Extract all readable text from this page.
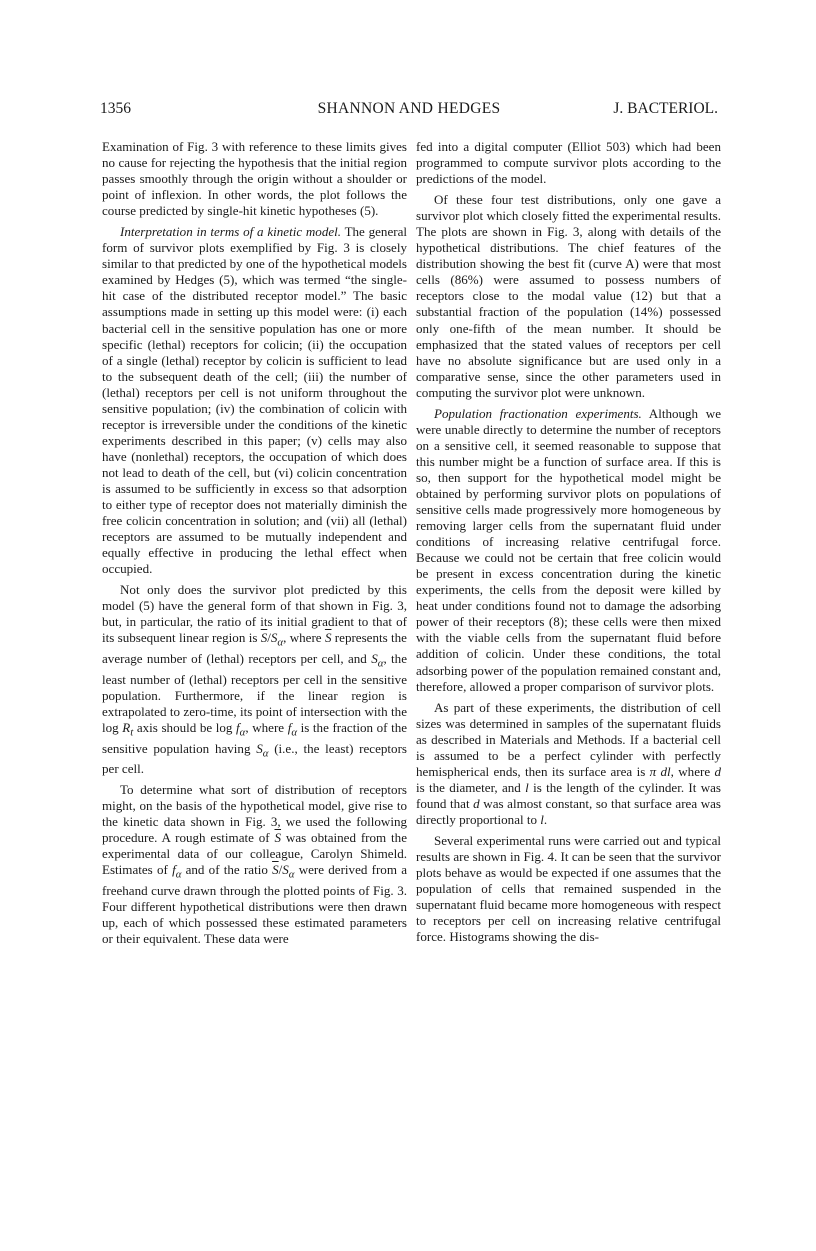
1356	SHANNON AND HEDGES	J. BACTERIOL.

Examination of Fig. 3 with reference to these limits gives no cause for rejecting the hypothesis that the initial region passes smoothly through the origin without a shoulder or point of inflexion. In other words, the plot follows the course predicted by single-hit kinetic hypotheses (5).

Interpretation in terms of a kinetic model. The general form of survivor plots exemplified by Fig. 3 is closely similar to that predicted by one of the hypothetical models examined by Hedges (5), which was termed “the single-hit case of the distributed receptor model.” The basic assumptions made in setting up this model were: (i) each bacterial cell in the sensitive population has one or more specific (lethal) receptors for colicin; (ii) the occupation of a single (lethal) receptor by colicin is sufficient to lead to the subsequent death of the cell; (iii) the number of (lethal) receptors per cell is not uniform throughout the sensitive population; (iv) the combination of colicin with receptor is irreversible under the conditions of the kinetic experiments described in this paper; (v) cells may also have (nonlethal) receptors, the occupation of which does not lead to death of the cell, but (vi) colicin concentration is assumed to be sufficiently in excess so that adsorption to either type of receptor does not materially diminish the free colicin concentration in solution; and (vii) all (lethal) receptors are assumed to be mutually independent and equally effective in producing the lethal effect when occupied.

Not only does the survivor plot predicted by this model (5) have the general form of that shown in Fig. 3, but, in particular, the ratio of its initial gradient to that of its subsequent linear region is $\overline{S}/S_\alpha$, where $\overline{S}$ represents the average number of (lethal) receptors per cell, and $S_\alpha$, the least number of (lethal) receptors per cell in the sensitive population. Furthermore, if the linear region is extrapolated to zero-time, its point of intersection with the $\log R_t$ axis should be $\log f_\alpha$, where $f_\alpha$ is the fraction of the sensitive population having $S_\alpha$ (i.e., the least) receptors per cell.

To determine what sort of distribution of receptors might, on the basis of the hypothetical model, give rise to the kinetic data shown in Fig. 3, we used the following procedure. A rough estimate of $\overline{S}$ was obtained from the experimental data of our colleague, Carolyn Shimeld. Estimates of $f_\alpha$ and of the ratio $\overline{S}/S_\alpha$ were derived from a freehand curve drawn through the plotted points of Fig. 3. Four different hypothetical distributions were then drawn up, each of which possessed these estimated parameters or their equivalent. These data were

fed into a digital computer (Elliot 503) which had been programmed to compute survivor plots according to the predictions of the model.

Of these four test distributions, only one gave a survivor plot which closely fitted the experimental results. The plots are shown in Fig. 3, along with details of the hypothetical distributions. The chief features of the distribution showing the best fit (curve A) were that most cells (86%) were assumed to possess numbers of receptors close to the modal value (12) but that a substantial fraction of the population (14%) possessed only one-fifth of the mean number. It should be emphasized that the stated values of receptors per cell have no absolute significance but are used only in a comparative sense, since the other parameters used in computing the survivor plot were unknown.

Population fractionation experiments. Although we were unable directly to determine the number of receptors on a sensitive cell, it seemed reasonable to suppose that this number might be a function of surface area. If this is so, then support for the hypothetical model might be obtained by performing survivor plots on populations of sensitive cells made progressively more homogeneous by removing larger cells from the supernatant fluid under conditions of increasing relative centrifugal force. Because we could not be certain that free colicin would be present in excess concentration during the kinetic experiments, the cells from the deposit were killed by heat under conditions found not to damage the adsorbing power of their receptors (8); these cells were then mixed with the viable cells from the supernatant fluid before addition of colicin. Under these conditions, the total adsorbing power of the population remained constant and, therefore, allowed a proper comparison of survivor plots.

As part of these experiments, the distribution of cell sizes was determined in samples of the supernatant fluids as described in Materials and Methods. If a bacterial cell is assumed to be a perfect cylinder with perfectly hemispherical ends, then its surface area is π dl, where d is the diameter, and l is the length of the cylinder. It was found that d was almost constant, so that surface area was directly proportional to l.

Several experimental runs were carried out and typical results are shown in Fig. 4. It can be seen that the survivor plots behave as would be expected if one assumes that the population of cells that remained suspended in the supernatant fluid became more homogeneous with respect to receptors per cell on increasing relative centrifugal force. Histograms showing the dis-
